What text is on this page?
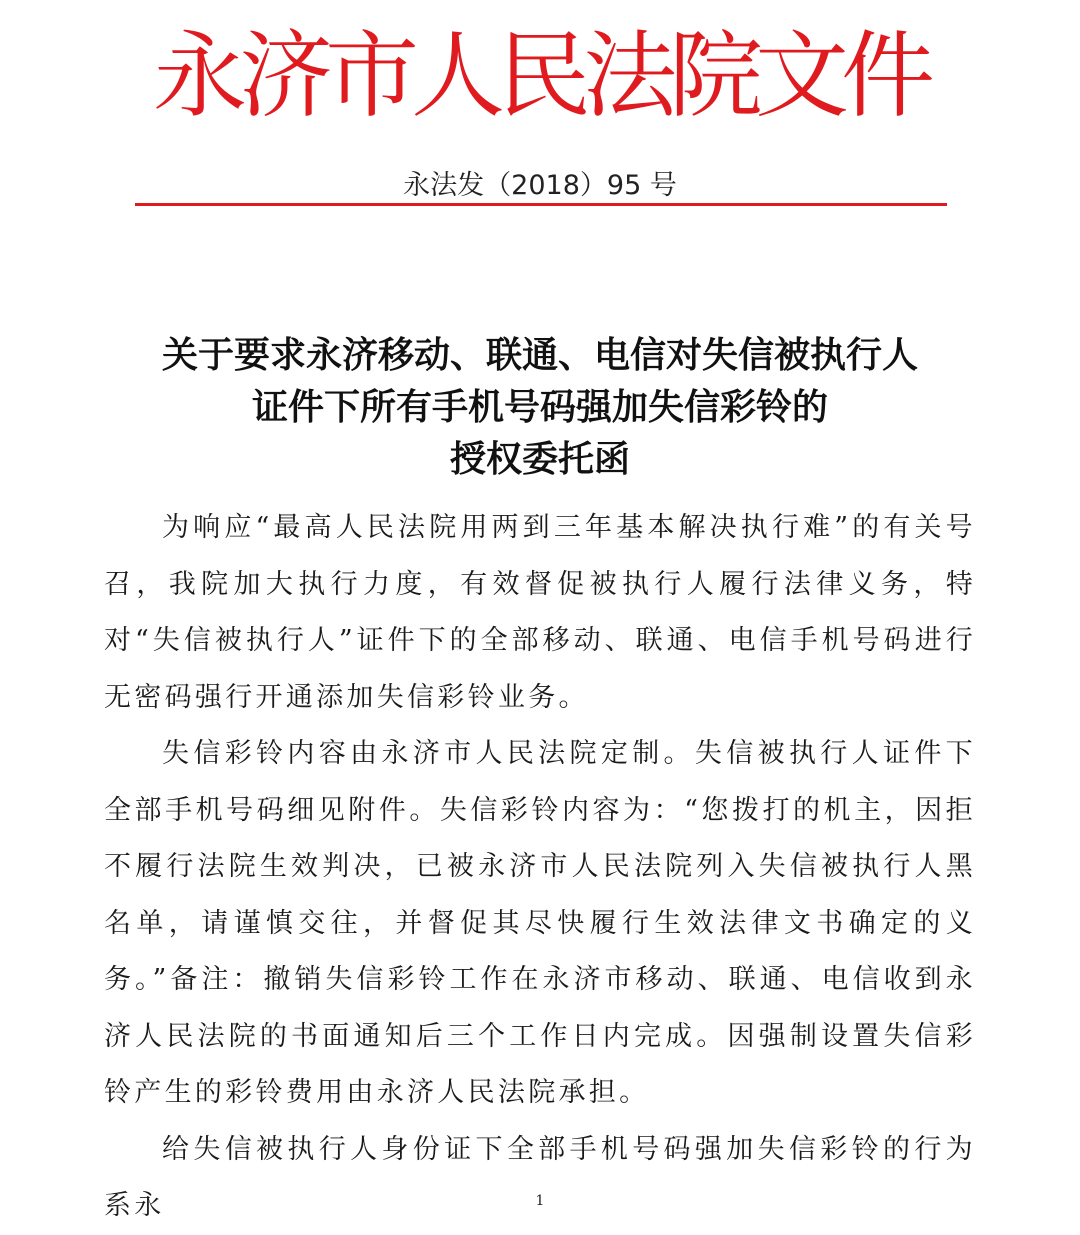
永济市人民法院文件
永法发（2018）95 号
关于要求永济移动、联通、电信对失信被执行人
证件下所有手机号码强加失信彩铃的
授权委托函

为响应“最高人民法院用两到三年基本解决执行难”的有关号召，我院加大执行力度，有效督促被执行人履行法律义务，特对“失信被执行人”证件下的全部移动、联通、电信手机号码进行无密码强行开通添加失信彩铃业务。

失信彩铃内容由永济市人民法院定制。失信被执行人证件下全部手机号码细见附件。失信彩铃内容为：“您拨打的机主，因拒不履行法院生效判决，已被永济市人民法院列入失信被执行人黑名单，请谨慎交往，并督促其尽快履行生效法律文书确定的义务。”备注：撤销失信彩铃工作在永济市移动、联通、电信收到永济人民法院的书面通知后三个工作日内完成。因强制设置失信彩铃产生的彩铃费用由永济人民法院承担。

给失信被执行人身份证下全部手机号码强加失信彩铃的行为系永	1
